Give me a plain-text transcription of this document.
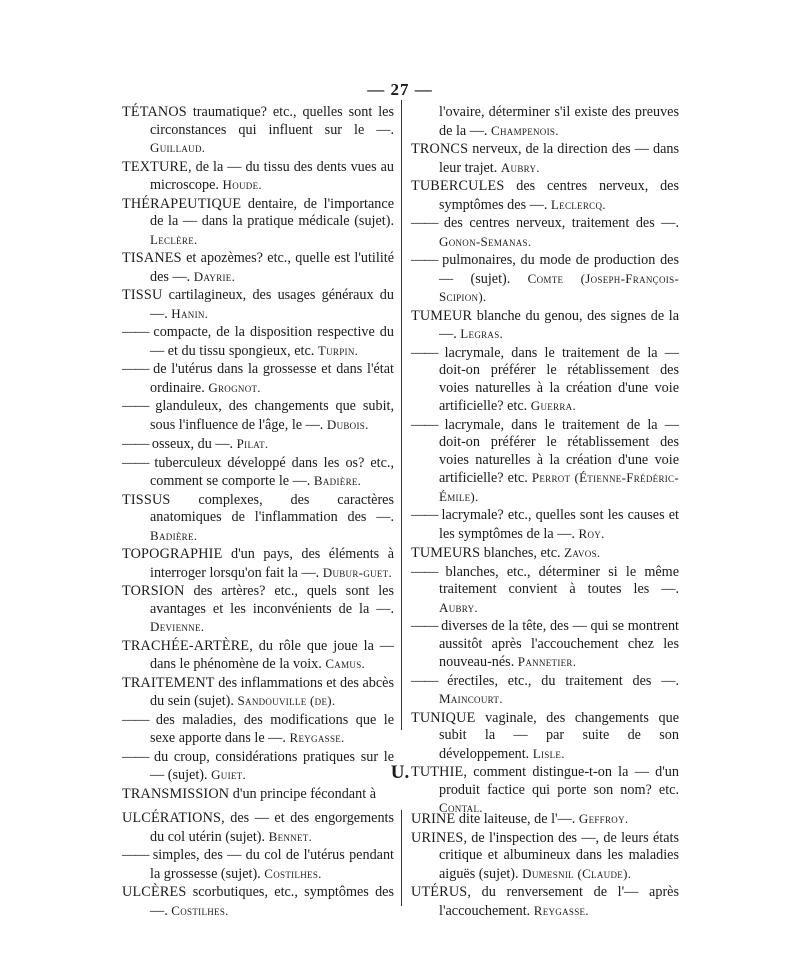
— 27 —

TÉTANOS traumatique? etc., quelles sont les circonstances qui influent sur le —. Guillaud.

TEXTURE, de la — du tissu des dents vues au microscope. Houde.

THÉRAPEUTIQUE dentaire, de l'importance de la — dans la pratique médicale (sujet). Leclère.

TISANES et apozèmes? etc., quelle est l'utilité des —. Dayrie.

TISSU cartilagineux, des usages généraux du —. Hanin.

—— compacte, de la disposition respective du — et du tissu spongieux, etc. Turpin.

—— de l'utérus dans la grossesse et dans l'état ordinaire. Grognot.

—— glanduleux, des changements que subit, sous l'influence de l'âge, le —. Dubois.

—— osseux, du —. Pilat.

—— tuberculeux développé dans les os? etc., comment se comporte le —. Badière.

TISSUS complexes, des caractères anatomiques de l'inflammation des —. Badière.

TOPOGRAPHIE d'un pays, des éléments à interroger lorsqu'on fait la —. Dubur-guet.

TORSION des artères? etc., quels sont les avantages et les inconvénients de la —. Devienne.

TRACHÉE-ARTÈRE, du rôle que joue la — dans le phénomène de la voix. Camus.

TRAITEMENT des inflammations et des abcès du sein (sujet). Sandouville (de).

—— des maladies, des modifications que le sexe apporte dans le —. Reygasse.

—— du croup, considérations pratiques sur le — (sujet). Guiet.

TRANSMISSION d'un principe fécondant à

l'ovaire, déterminer s'il existe des preuves de la —. Champenois.

TRONCS nerveux, de la direction des — dans leur trajet. Aubry.

TUBERCULES des centres nerveux, des symptômes des —. Leclercq.

—— des centres nerveux, traitement des —. Gonon-Semanas.

—— pulmonaires, du mode de production des — (sujet). Comte (Joseph-François-Scipion).

TUMEUR blanche du genou, des signes de la —. Legras.

—— lacrymale, dans le traitement de la — doit-on préférer le rétablissement des voies naturelles à la création d'une voie artificielle? etc. Guerra.

—— lacrymale, dans le traitement de la — doit-on préférer le rétablissement des voies naturelles à la création d'une voie artificielle? etc. Perrot (Étienne-Frédéric-Émile).

—— lacrymale? etc., quelles sont les causes et les symptômes de la —. Roy.

TUMEURS blanches, etc. Zavos.

—— blanches, etc., déterminer si le même traitement convient à toutes les —. Aubry.

—— diverses de la tête, des — qui se montrent aussitôt après l'accouchement chez les nouveau-nés. Pannetier.

—— érectiles, etc., du traitement des —. Maincourt.

TUNIQUE vaginale, des changements que subit la — par suite de son développement. Lisle.

TUTHIE, comment distingue-t-on la — d'un produit factice qui porte son nom? etc. Contal.

U.

ULCÉRATIONS, des — et des engorgements du col utérin (sujet). Bennet.

—— simples, des — du col de l'utérus pendant la grossesse (sujet). Costilhes.

ULCÈRES scorbutiques, etc., symptômes des —. Costilhes.

URINE dite laiteuse, de l'—. Geffroy.

URINES, de l'inspection des —, de leurs états critique et albumineux dans les maladies aiguës (sujet). Dumesnil (Claude).

UTÉRUS, du renversement de l'— après l'accouchement. Reygasse.
